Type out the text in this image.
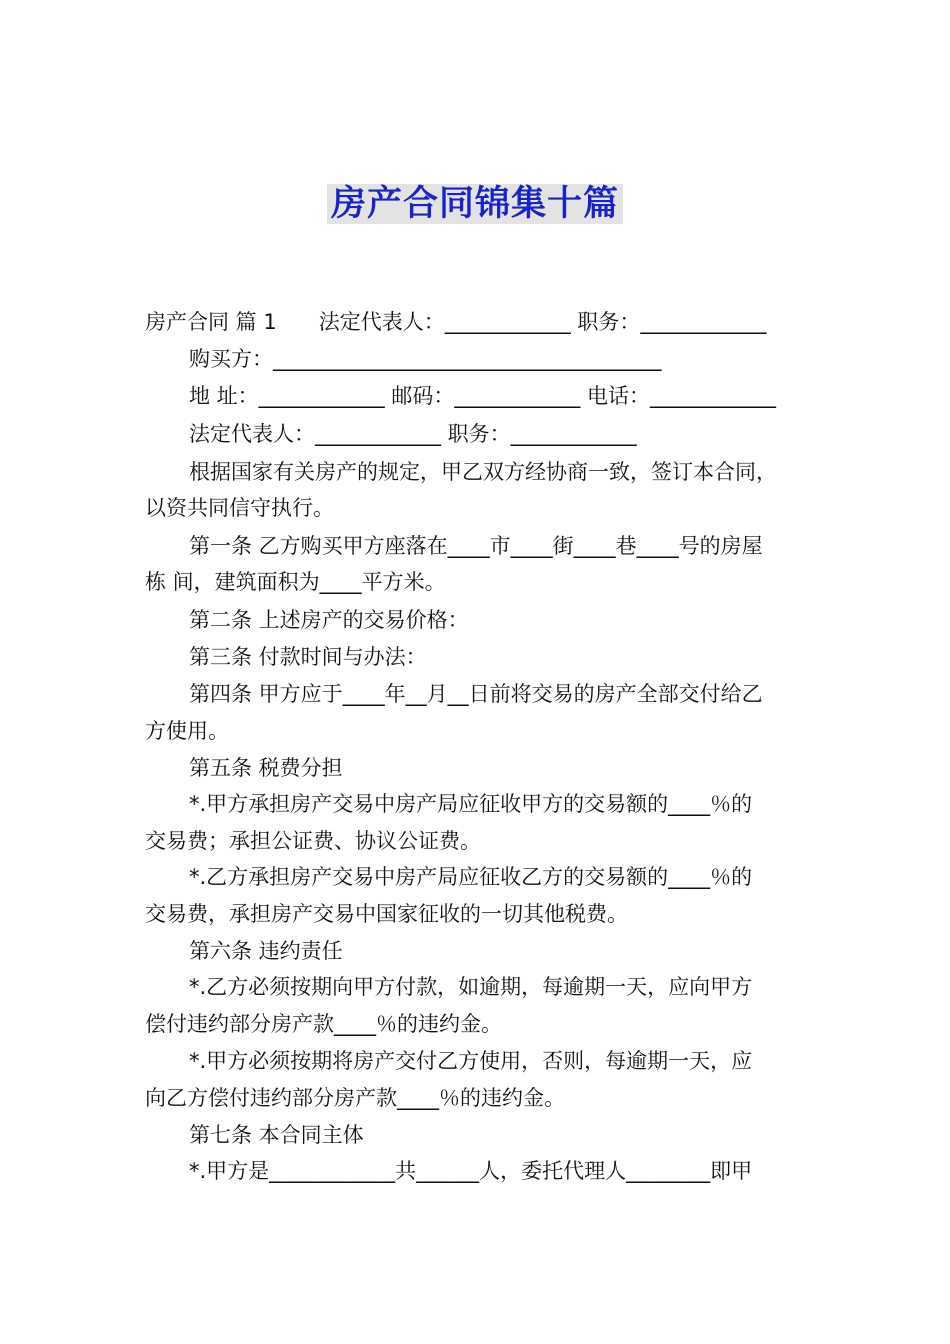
房产合同锦集十篇
房产合同 篇 1　　法定代表人：____________ 职务：____________
购买方：_____________________________________
地 址：____________ 邮码：____________ 电话：____________
法定代表人：____________ 职务：____________
根据国家有关房产的规定，甲乙双方经协商一致，签订本合同，
以资共同信守执行。
第一条 乙方购买甲方座落在____市____街____巷____号的房屋
栋 间，建筑面积为____平方米。
第二条 上述房产的交易价格：
第三条 付款时间与办法：
第四条 甲方应于____年__月__日前将交易的房产全部交付给乙
方使用。
第五条 税费分担
*.甲方承担房产交易中房产局应征收甲方的交易额的____％的
交易费；承担公证费、协议公证费。
*.乙方承担房产交易中房产局应征收乙方的交易额的____％的
交易费，承担房产交易中国家征收的一切其他税费。
第六条 违约责任
*.乙方必须按期向甲方付款，如逾期，每逾期一天，应向甲方
偿付违约部分房产款____％的违约金。
*.甲方必须按期将房产交付乙方使用，否则，每逾期一天，应
向乙方偿付违约部分房产款____％的违约金。
第七条 本合同主体
*.甲方是____________共______人，委托代理人________即甲
